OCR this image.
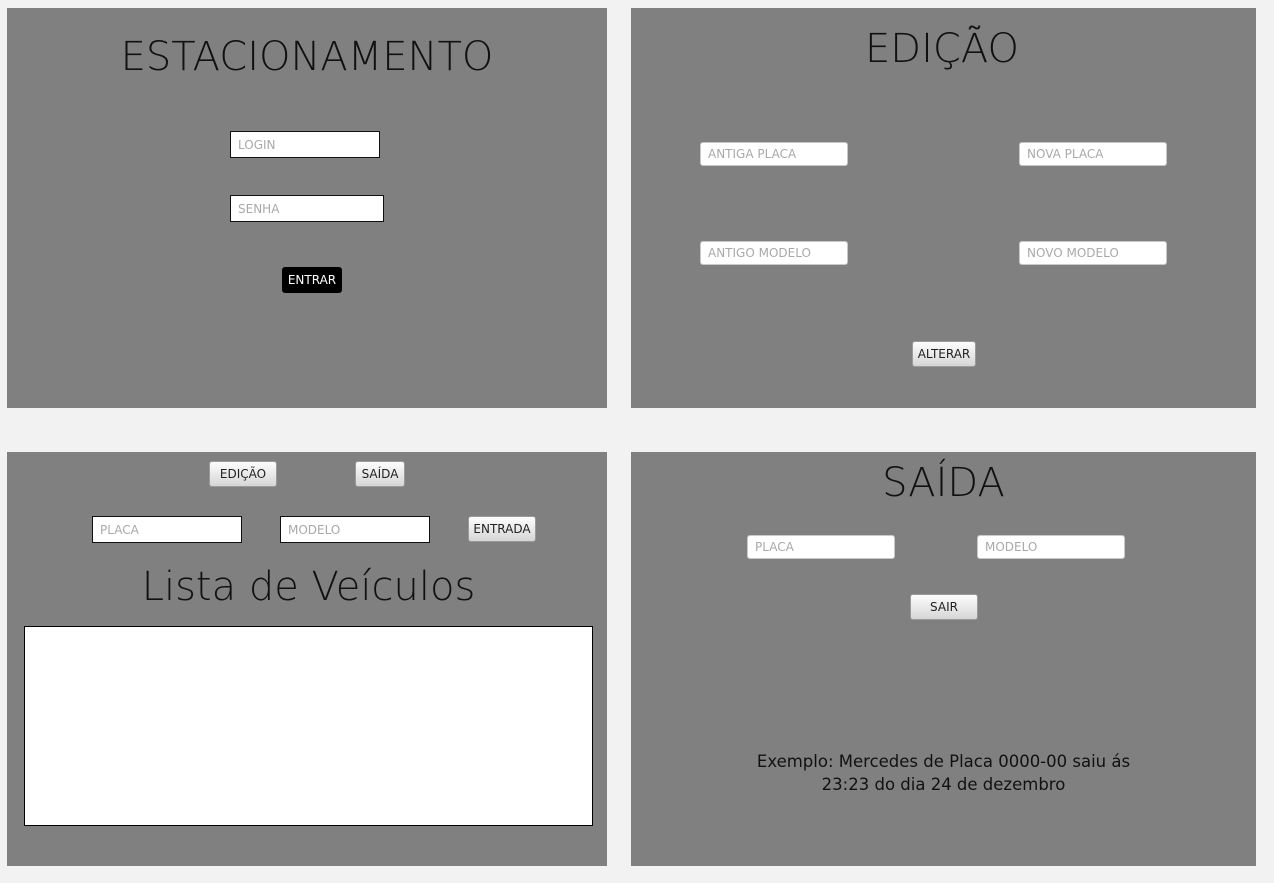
ESTACIONAMENTO
LOGIN
ENTRAR
EDIÇÃO
ANTIGA PLACA
NOVA PLACA
ANTIGO MODELO
NOVO MODELO
ALTERAR
EDIÇÃO	SAÍDA
PLACA
MODELO
ENTRADA
Lista de Veículos
SAÍDA
PLACA
MODELO
SAIR

Exemplo: Mercedes de Placa 0000-00 saiu ás
23:23 do dia 24 de dezembro
